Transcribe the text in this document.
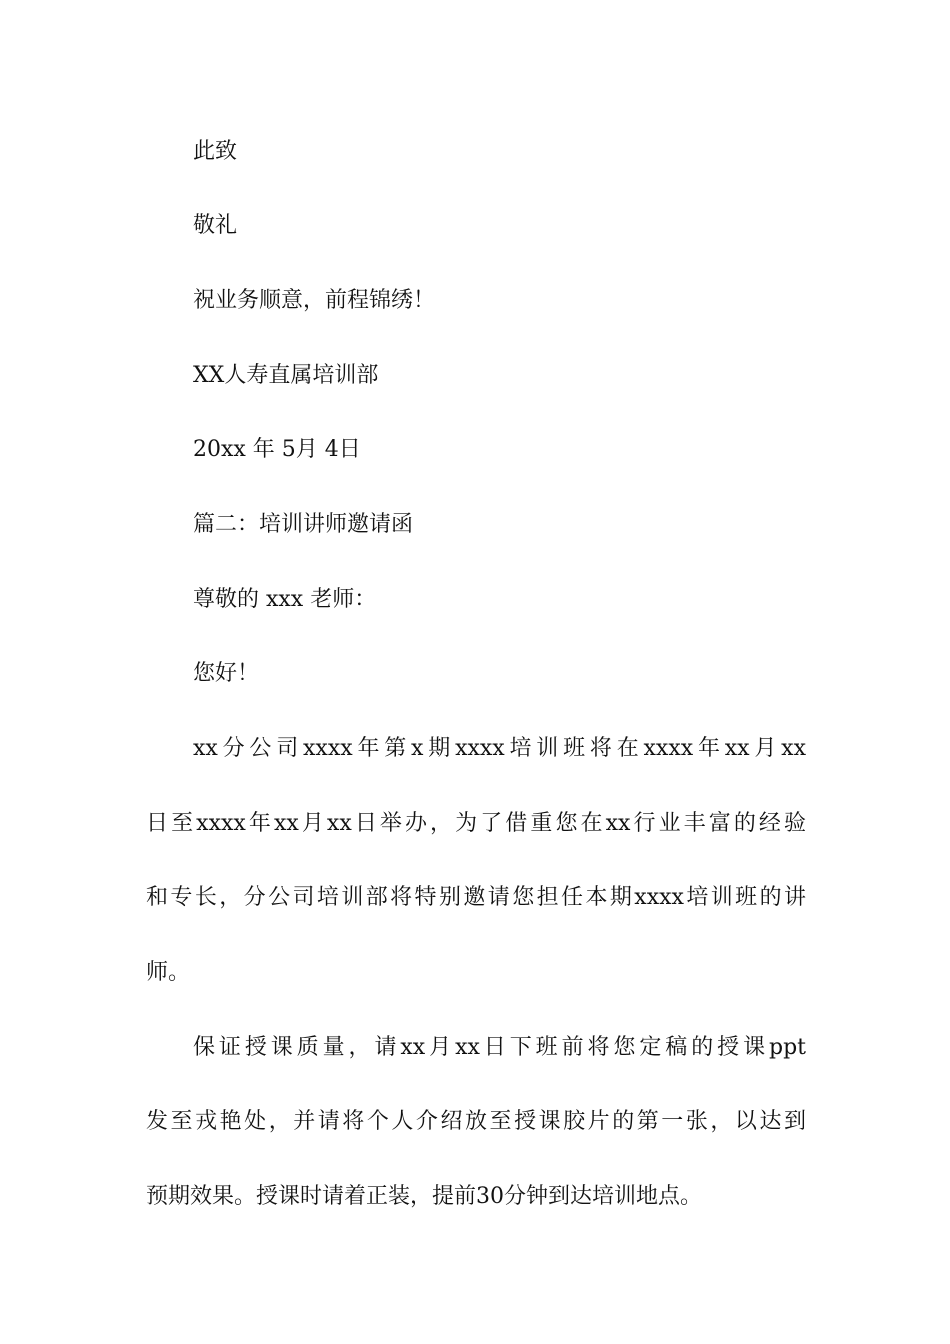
此致
敬礼
祝业务顺意，前程锦绣！
XX人寿直属培训部
20xx 年 5月 4日
篇二：培训讲师邀请函
尊敬的 xxx 老师：
您好！
xx分公司xxxx年第x期xxxx培训班将在xxxx年xx月xx
日至xxxx年xx月xx日举办，为了借重您在xx行业丰富的经验
和专长，分公司培训部将特别邀请您担任本期xxxx培训班的讲
师。
保证授课质量，请xx月xx日下班前将您定稿的授课ppt
发至戎艳处，并请将个人介绍放至授课胶片的第一张，以达到
预期效果。授课时请着正装，提前30分钟到达培训地点。
